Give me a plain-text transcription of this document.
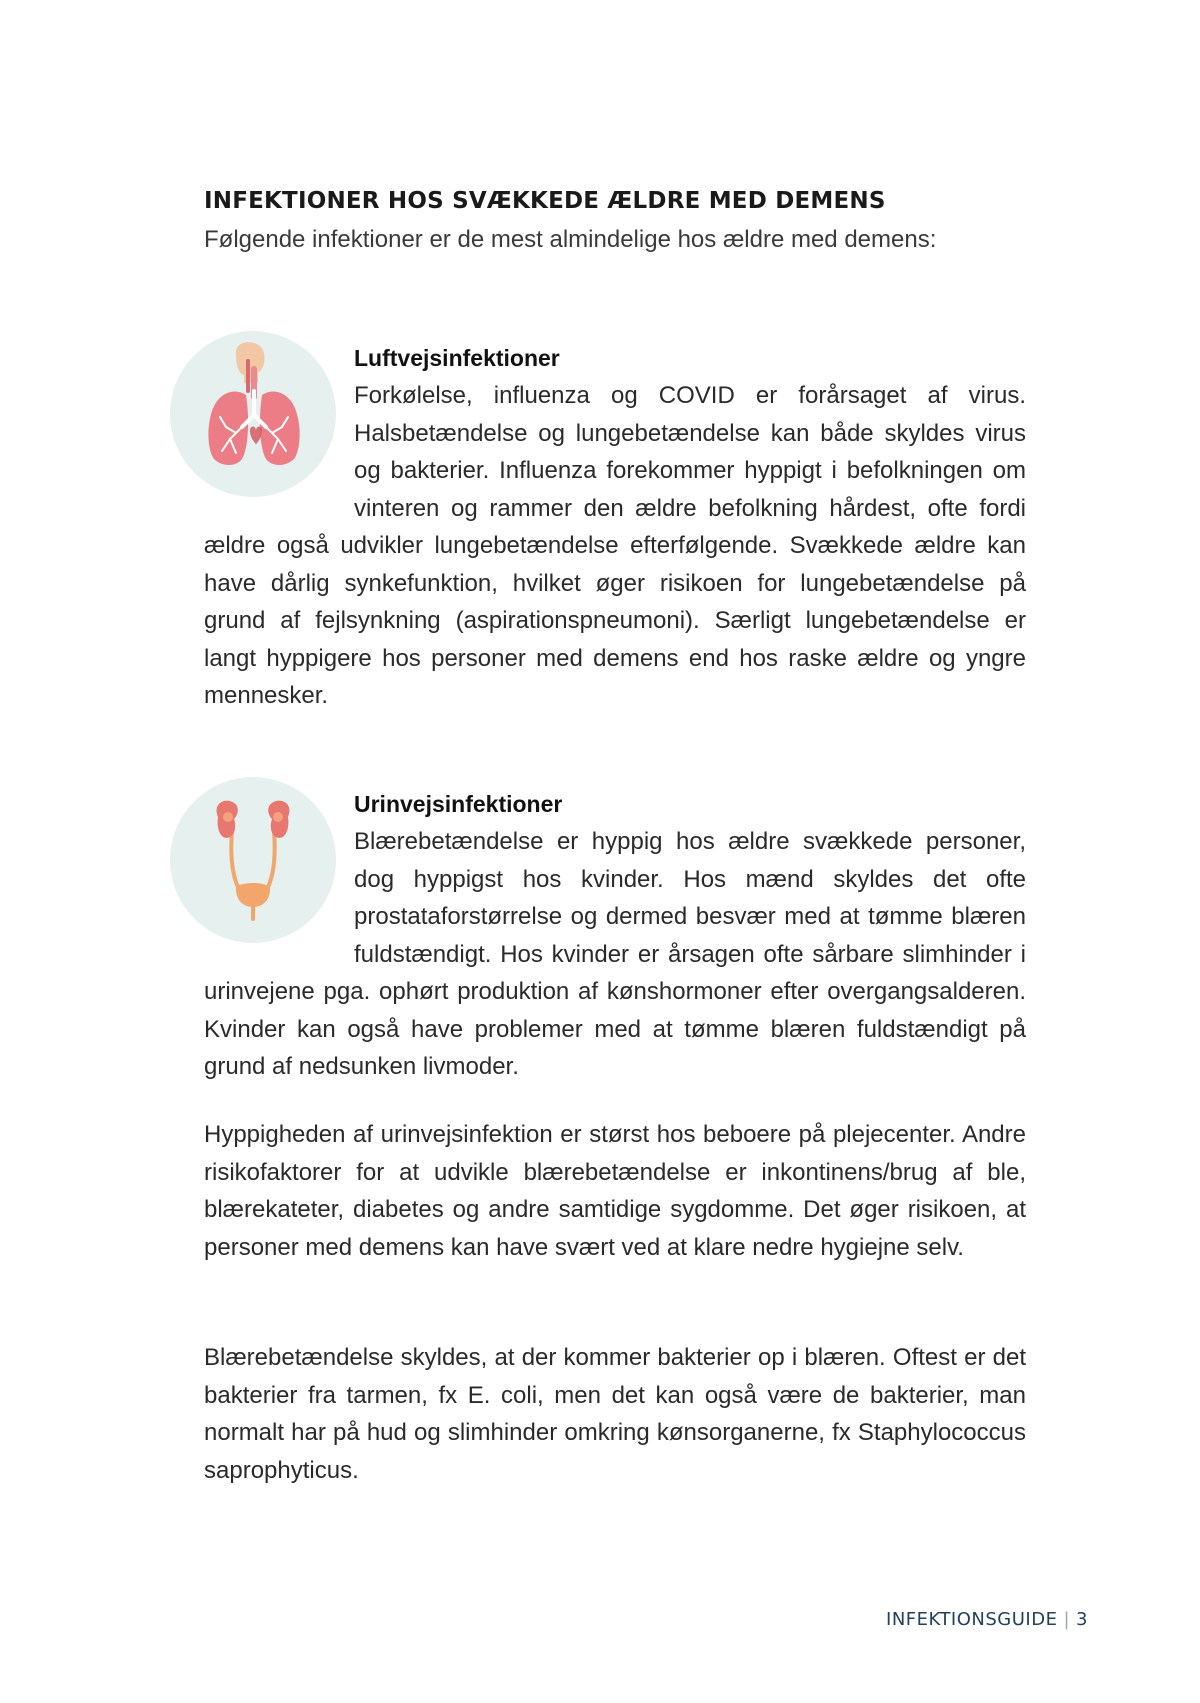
INFEKTIONER HOS SVÆKKEDE ÆLDRE MED DEMENS

Følgende infektioner er de mest almindelige hos ældre med demens:

Luftvejsinfektioner

Forkølelse, influenza og COVID er forårsaget af virus. Halsbetændelse og lungebetændelse kan både skyldes virus og bakterier. Influenza forekommer hyppigt i befolkningen om vinteren og rammer den ældre befolkning hårdest, ofte fordi ældre også udvikler lungebetændelse efterfølgende. Svækkede ældre kan have dårlig synkefunktion, hvilket øger risikoen for lungebetændelse på grund af fejlsynkning (aspirationspneumoni). Særligt lungebetændelse er langt hyppigere hos personer med demens end hos raske ældre og yngre mennesker.

Urinvejsinfektioner

Blærebetændelse er hyppig hos ældre svækkede personer, dog hyppigst hos kvinder. Hos mænd skyldes det ofte prostataforstørrelse og dermed besvær med at tømme blæren fuldstændigt. Hos kvinder er årsagen ofte sårbare slimhinder i urinvejene pga. ophørt produktion af kønshormoner efter overgangsalderen. Kvinder kan også have problemer med at tømme blæren fuldstændigt på grund af nedsunken livmoder.

Hyppigheden af urinvejsinfektion er størst hos beboere på plejecenter. Andre risikofaktorer for at udvikle blærebetændelse er inkontinens/brug af ble, blærekateter, diabetes og andre samtidige sygdomme. Det øger risikoen, at personer med demens kan have svært ved at klare nedre hygiejne selv.

Blærebetændelse skyldes, at der kommer bakterier op i blæren. Oftest er det bakterier fra tarmen, fx E. coli, men det kan også være de bakterier, man normalt har på hud og slimhinder omkring kønsorganerne, fx Staphylococcus saprophyticus.

INFEKTIONSGUIDE | 3
